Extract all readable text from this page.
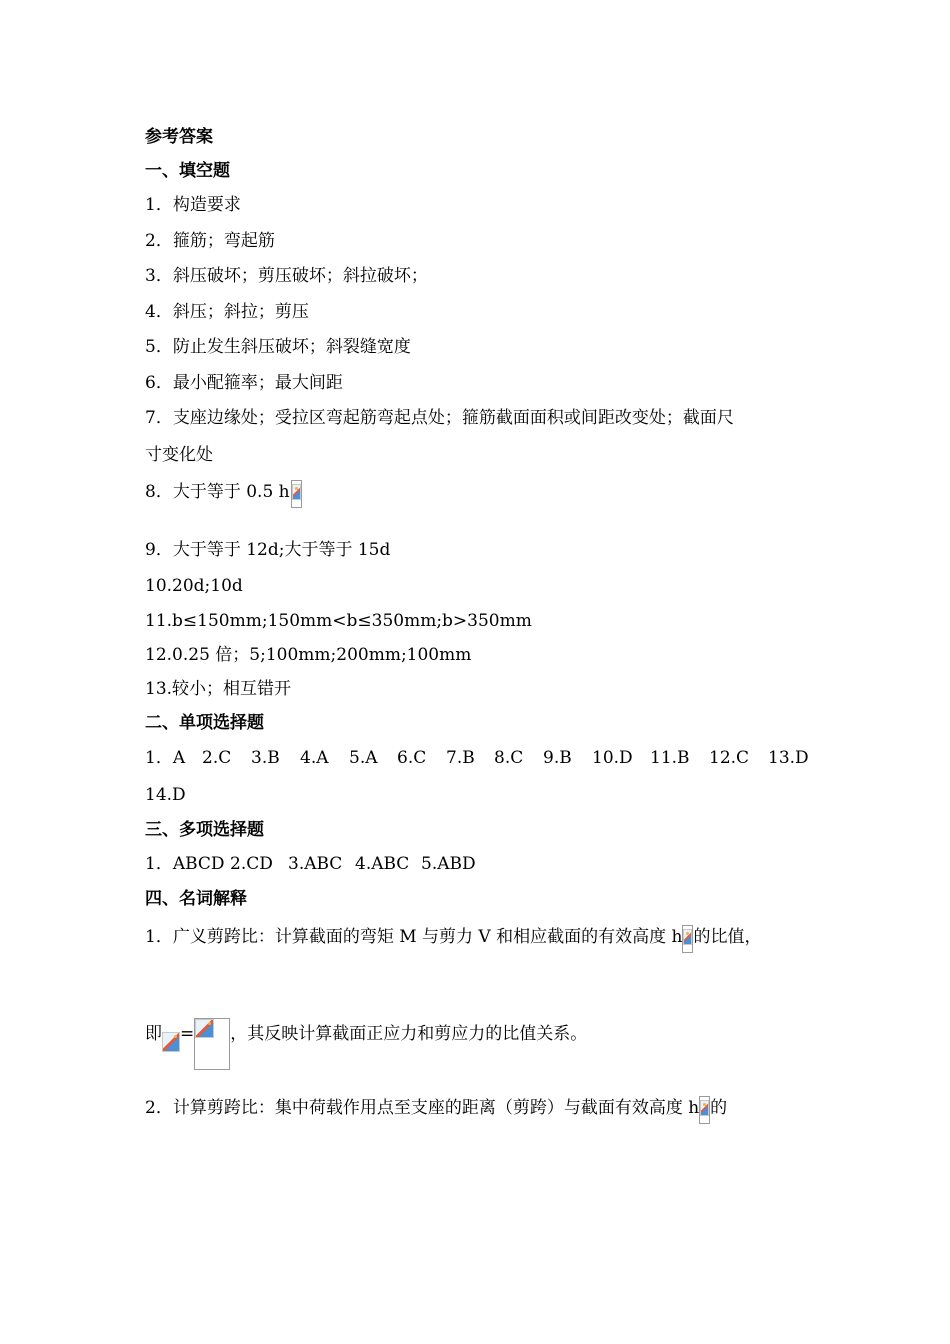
参考答案
一、填空题
1．构造要求
2．箍筋；弯起筋
3．斜压破坏；剪压破坏；斜拉破坏；
4．斜压；斜拉；剪压
5．防止发生斜压破坏；斜裂缝宽度
6．最小配箍率；最大间距
7．支座边缘处；受拉区弯起筋弯起点处；箍筋截面面积或间距改变处；截面尺
寸变化处
8．大于等于 0.5 h
9．大于等于 12d;大于等于 15d
10.20d;10d
11.b≤150mm;150mm<b≤350mm;b>350mm
12.0.25 倍；5;100mm;200mm;100mm
13.较小；相互错开
二、单项选择题
1．A 2.C 3.B 4.A 5.A 6.C 7.B 8.C 9.B 10.D 11.B 12.C 13.D
14.D
三、多项选择题
1．ABCD 2.CD 3.ABC 4.ABC 5.ABD
四、名词解释
1．广义剪跨比：计算截面的弯矩 M 与剪力 V 和相应截面的有效高度 h 的比值，
即 = ，其反映计算截面正应力和剪应力的比值关系。
2．计算剪跨比：集中荷载作用点至支座的距离（剪跨）与截面有效高度 h 的
